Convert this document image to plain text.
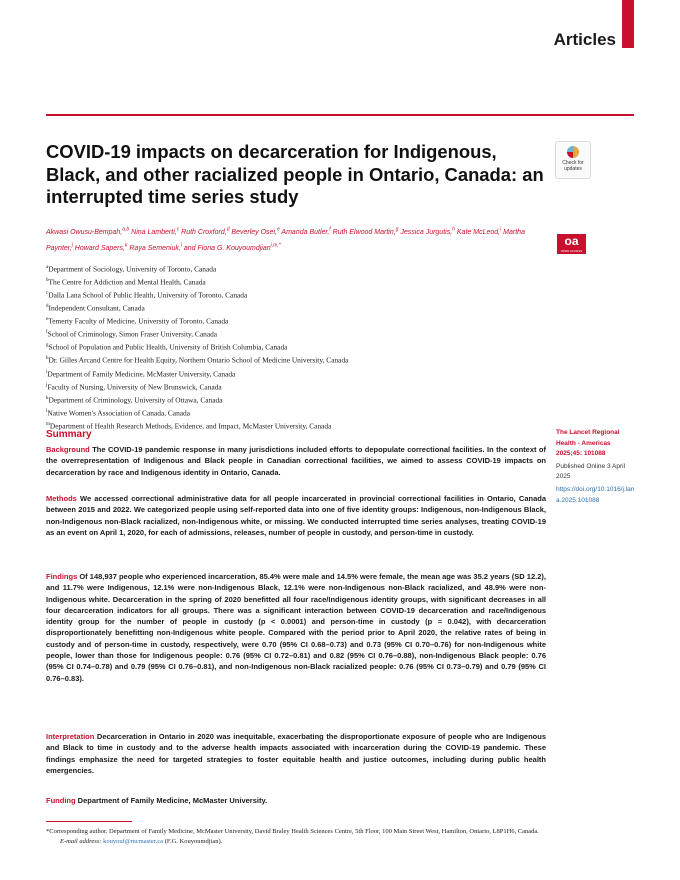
Articles
COVID-19 impacts on decarceration for Indigenous, Black, and other racialized people in Ontario, Canada: an interrupted time series study
Check for updates
oa
OPEN ACCESS
Akwasi Owusu-Bempah,$^{a,b}$ Nina Lamberti,$^c$ Ruth Croxford,$^d$ Beverley Osei,$^e$ Amanda Butler,$^f$ Ruth Elwood Martin,$^g$ Jessica Jurgutis,$^h$ Kate McLeod,$^i$ Martha Paynter,$^j$ Howard Sapers,$^k$ Raya Semeniuk,$^l$ and Fiona G. Kouyoumdjian$^{i,m,*}$
$^a$Department of Sociology, University of Toronto, Canada
$^b$The Centre for Addiction and Mental Health, Canada
$^c$Dalla Lana School of Public Health, University of Toronto, Canada
$^d$Independent Consultant, Canada
$^e$Temerty Faculty of Medicine, University of Toronto, Canada
$^f$School of Criminology, Simon Fraser University, Canada
$^g$School of Population and Public Health, University of British Columbia, Canada
$^h$Dr. Gilles Arcand Centre for Health Equity, Northern Ontario School of Medicine University, Canada
$^i$Department of Family Medicine, McMaster University, Canada
$^j$Faculty of Nursing, University of New Brunswick, Canada
$^k$Department of Criminology, University of Ottawa, Canada
$^l$Native Women's Association of Canada, Canada
$^m$Department of Health Research Methods, Evidence, and Impact, McMaster University, Canada
Summary

Background The COVID-19 pandemic response in many jurisdictions included efforts to depopulate correctional facilities. In the context of the overrepresentation of Indigenous and Black people in Canadian correctional facilities, we aimed to assess COVID-19 impacts on decarceration by race and Indigenous identity in Ontario, Canada.

Methods We accessed correctional administrative data for all people incarcerated in provincial correctional facilities in Ontario, Canada between 2015 and 2022. We categorized people using self-reported data into one of five identity groups: Indigenous, non-Indigenous Black, non-Indigenous non-Black racialized, non-Indigenous white, or missing. We conducted interrupted time series analyses, treating COVID-19 as an event on April 1, 2020, for each of admissions, releases, number of people in custody, and person-time in custody.

Findings Of 148,937 people who experienced incarceration, 85.4% were male and 14.5% were female, the mean age was 35.2 years (SD 12.2), and 11.7% were Indigenous, 12.1% were non-Indigenous Black, 12.1% were non-Indigenous non-Black racialized, and 48.9% were non-Indigenous white. Decarceration in the spring of 2020 benefitted all four race/Indigenous identity groups, with significant decreases in all four decarceration indicators for all groups. There was a significant interaction between COVID-19 decarceration and race/Indigenous identity group for the number of people in custody (p < 0.0001) and person-time in custody (p = 0.042), with decarceration disproportionately benefitting non-Indigenous white people. Compared with the period prior to April 2020, the relative rates of being in custody and of person-time in custody, respectively, were 0.70 (95% CI 0.68–0.73) and 0.73 (95% CI 0.70–0.76) for non-Indigenous white people, lower than those for Indigenous people: 0.76 (95% CI 0.72–0.81) and 0.82 (95% CI 0.76–0.88), non-Indigenous Black people: 0.76 (95% CI 0.74–0.78) and 0.79 (95% CI 0.76–0.81), and non-Indigenous non-Black racialized people: 0.76 (95% CI 0.73–0.79) and 0.79 (95% CI 0.76–0.83).

Interpretation Decarceration in Ontario in 2020 was inequitable, exacerbating the disproportionate exposure of people who are Indigenous and Black to time in custody and to the adverse health impacts associated with incarceration during the COVID-19 pandemic. These findings emphasize the need for targeted strategies to foster equitable health and justice outcomes, including during public health emergencies.

Funding Department of Family Medicine, McMaster University.

The Lancet Regional Health - Americas 2025;45: 101088
Published Online 3 April 2025
https://doi.org/10.1016/j.lana.2025.101088
*Corresponding author. Department of Family Medicine, McMaster University, David Braley Health Sciences Centre, 5th Floor, 100 Main Street West, Hamilton, Ontario, L8P1H6, Canada.
E-mail address: kouyouf@mcmaster.ca (F.G. Kouyoumdjian).
